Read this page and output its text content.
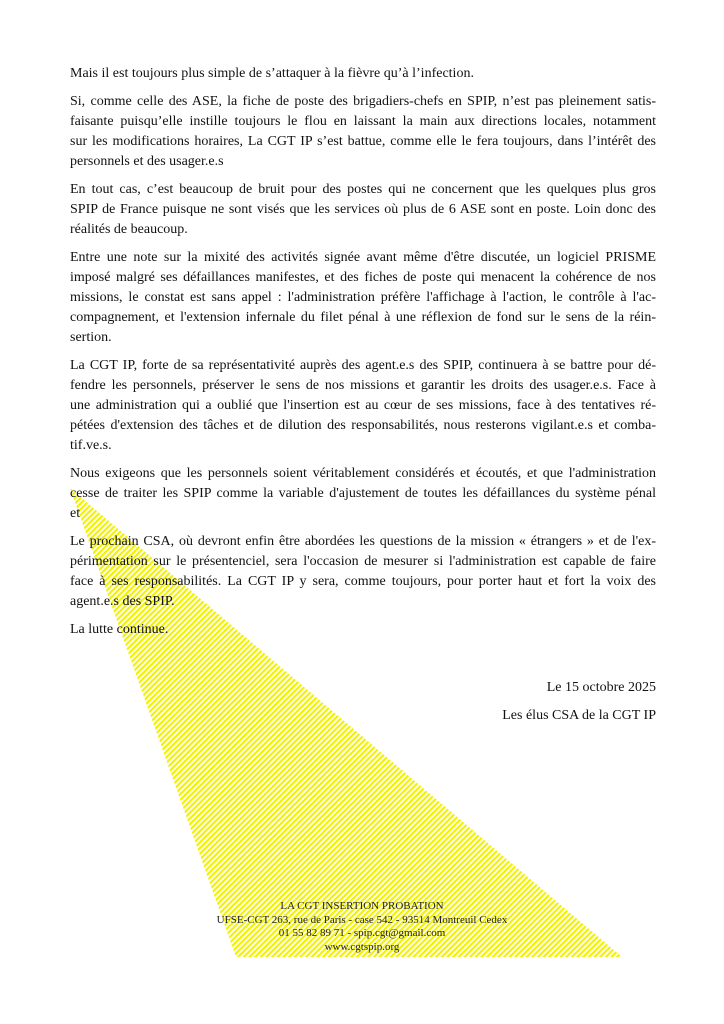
Mais il est toujours plus simple de s’attaquer à la fièvre qu’à l’infection.
Si, comme celle des ASE, la fiche de poste des brigadiers-chefs en SPIP, n’est pas pleinement satis-
faisante puisqu’elle instille toujours le flou en laissant la main aux directions locales, notamment
sur les modifications horaires, La CGT IP s’est battue, comme elle le fera toujours, dans l’intérêt des
personnels et des usager.e.s
En tout cas, c’est beaucoup de bruit pour des postes qui ne concernent que les quelques plus gros
SPIP de France puisque ne sont visés que les services où plus de 6 ASE sont en poste. Loin donc des
réalités de beaucoup.
Entre une note sur la mixité des activités signée avant même d'être discutée, un logiciel PRISME
imposé malgré ses défaillances manifestes, et des fiches de poste qui menacent la cohérence de nos
missions, le constat est sans appel : l'administration préfère l'affichage à l'action, le contrôle à l'ac-
compagnement, et l'extension infernale du filet pénal à une réflexion de fond sur le sens de la réin-
sertion.
La CGT IP, forte de sa représentativité auprès des agent.e.s des SPIP, continuera à se battre pour dé-
fendre les personnels, préserver le sens de nos missions et garantir les droits des usager.e.s. Face à
une administration qui a oublié que l'insertion est au cœur de ses missions, face à des tentatives ré-
pétées d'extension des tâches et de dilution des responsabilités, nous resterons vigilant.e.s et comba-
tif.ve.s.
Nous exigeons que les personnels soient véritablement considérés et écoutés, et que l'administration
cesse de traiter les SPIP comme la variable d'ajustement de toutes les défaillances du système pénal
et
Le prochain CSA, où devront enfin être abordées les questions de la mission « étrangers » et de l'ex-
périmentation sur le présentenciel, sera l'occasion de mesurer si l'administration est capable de faire
face à ses responsabilités. La CGT IP y sera, comme toujours, pour porter haut et fort la voix des
agent.e.s des SPIP.
La lutte continue.
Le 15 octobre 2025
Les élus CSA de la CGT IP
LA CGT INSERTION PROBATION
UFSE-CGT 263, rue de Paris - case 542 - 93514 Montreuil Cedex
01 55 82 89 71 - spip.cgt@gmail.com
www.cgtspip.org
